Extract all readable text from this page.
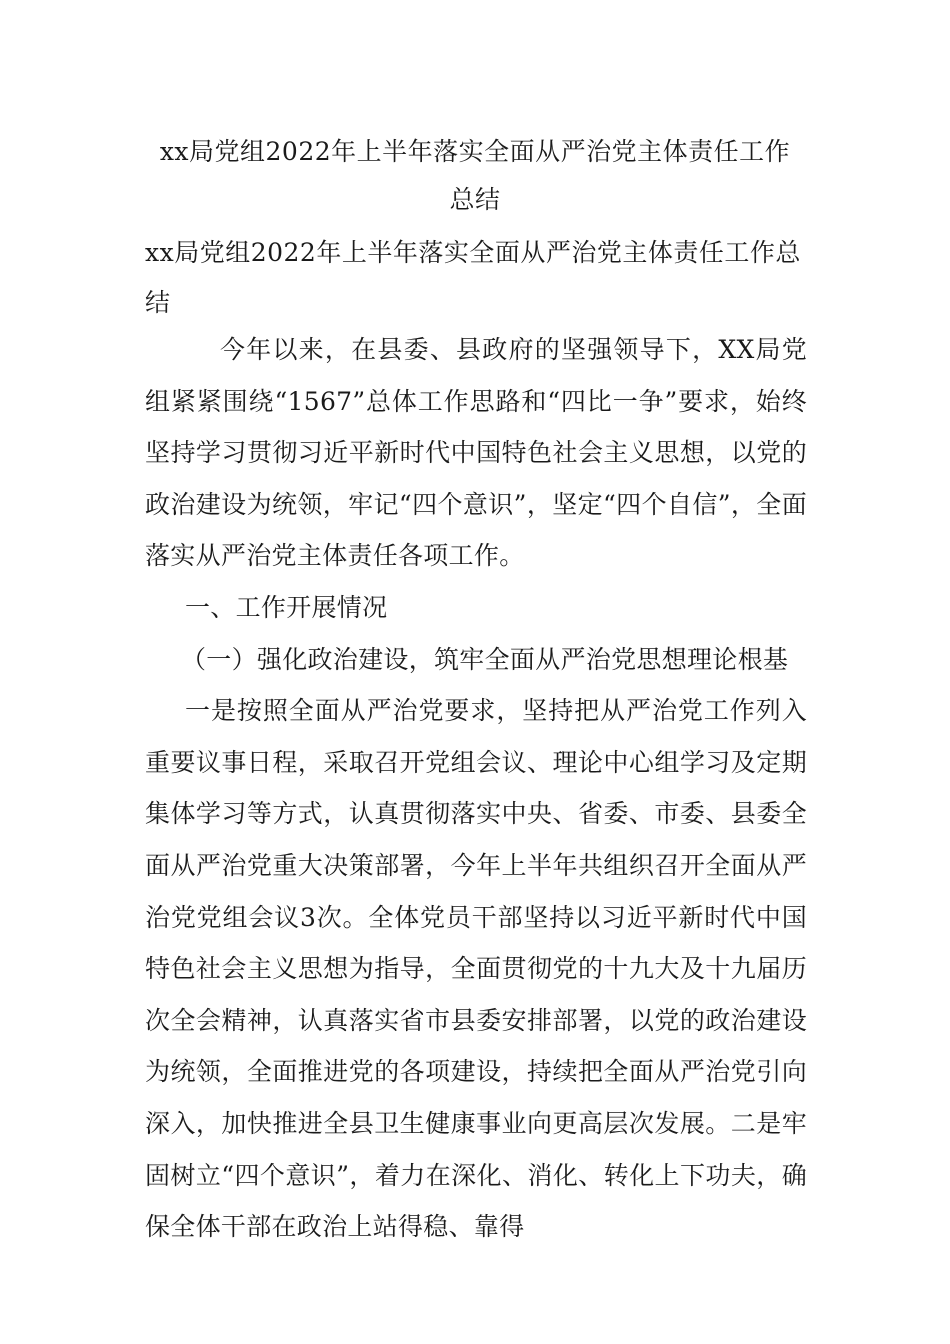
xx局党组2022年上半年落实全面从严治党主体责任工作
总结
xx局党组2022年上半年落实全面从严治党主体责任工作总结

今年以来，在县委、县政府的坚强领导下，XX局党组紧紧围绕“1567”总体工作思路和“四比一争”要求，始终坚持学习贯彻习近平新时代中国特色社会主义思想，以党的政治建设为统领，牢记“四个意识”，坚定“四个自信”，全面落实从严治党主体责任各项工作。

一、工作开展情况

（一）强化政治建设，筑牢全面从严治党思想理论根基

一是按照全面从严治党要求，坚持把从严治党工作列入重要议事日程，采取召开党组会议、理论中心组学习及定期集体学习等方式，认真贯彻落实中央、省委、市委、县委全面从严治党重大决策部署，今年上半年共组织召开全面从严治党党组会议3次。全体党员干部坚持以习近平新时代中国特色社会主义思想为指导，全面贯彻党的十九大及十九届历次全会精神，认真落实省市县委安排部署，以党的政治建设为统领，全面推进党的各项建设，持续把全面从严治党引向深入，加快推进全县卫生健康事业向更高层次发展。二是牢固树立“四个意识”，着力在深化、消化、转化上下功夫，确保全体干部在政治上站得稳、靠得
